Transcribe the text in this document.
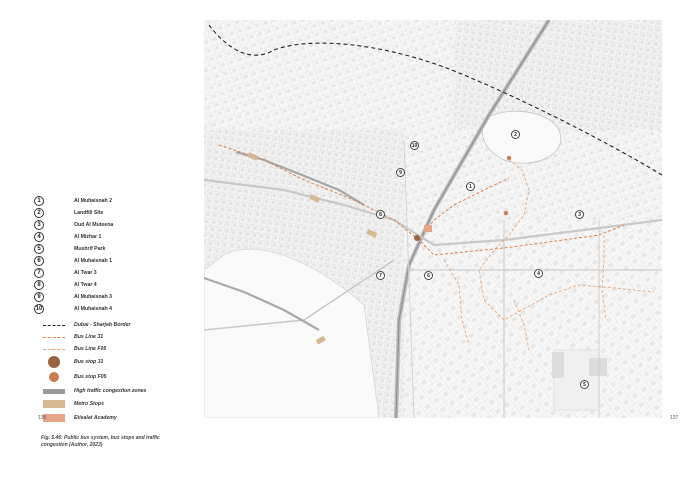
1	Al Muhaisnah 2
2	Landfill Site
3	Oud Al Muteena
4	Al Mizhar 1
5	Mushrif Park
6	Al Muhaisnah 1
7	Al Twar 3
8	Al Twar 4
9	Al Muhaisnah 3
10	Al Muhaisnah 4
Dubai - Sharjah Border
Bus Line 31
Bus Line F05
Bus stop 31
Bus stop F05
High traffic congestion zones
Metro Stops
Etisalat Academy
136	137
Fig. 5.46: Public bus system, bus stops and traffic congestion (Author, 2023)
1
2
3
4
5
6
7
8
9
10
